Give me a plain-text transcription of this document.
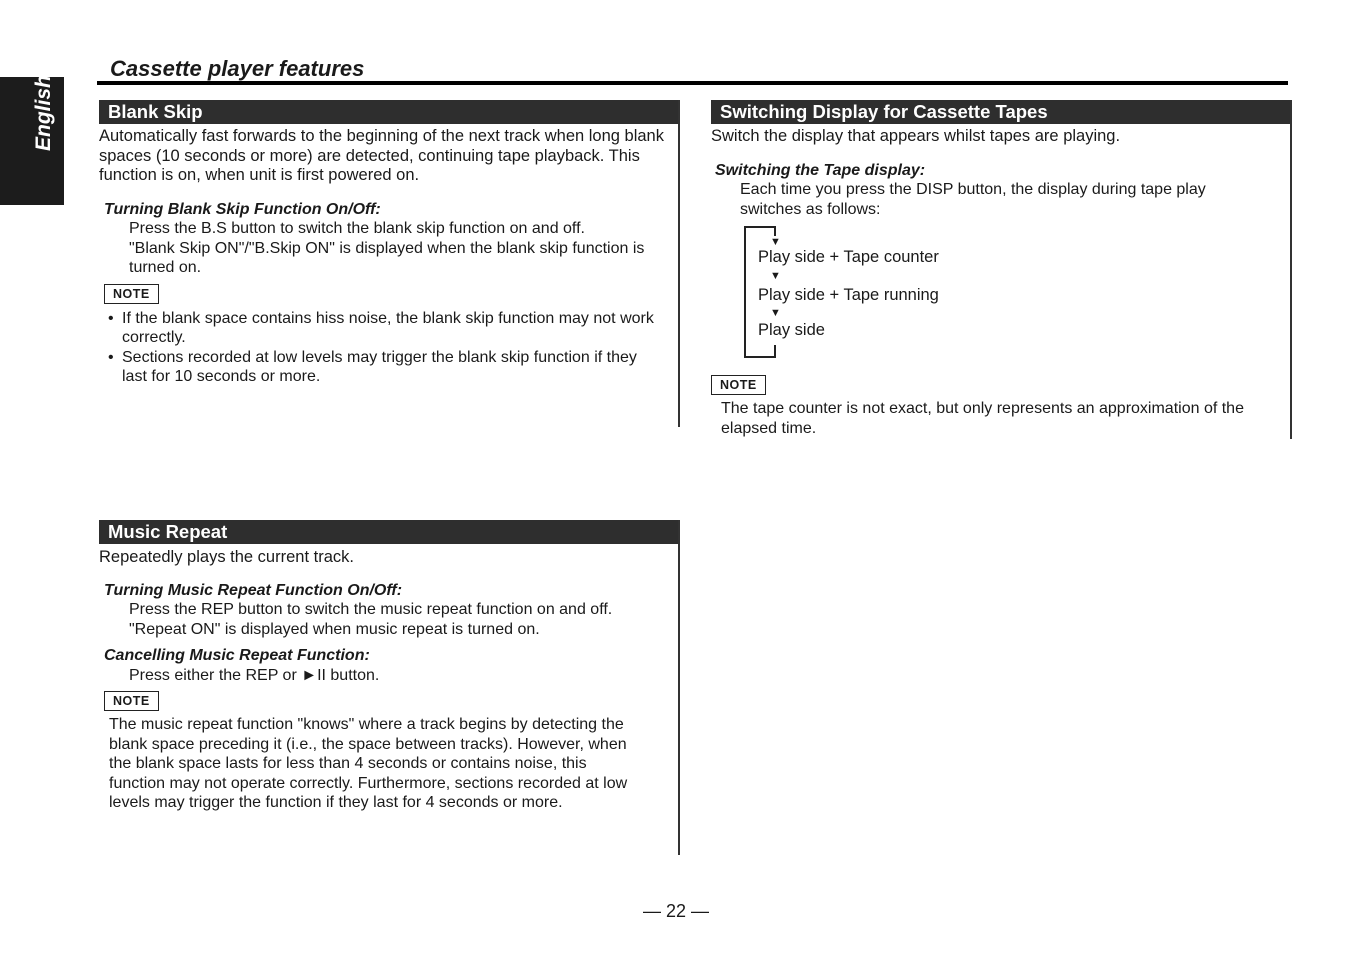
English
Cassette player features
Blank Skip
Automatically fast forwards to the beginning of the next track when long blank spaces (10 seconds or more) are detected, continuing tape playback. This function is on, when unit is first powered on.
Turning Blank Skip Function On/Off:
Press the B.S button to switch the blank skip function on and off.
"Blank Skip ON"/"B.Skip ON" is displayed when the blank skip function is turned on.
NOTE
• If the blank space contains hiss noise, the blank skip function may not work correctly.
• Sections recorded at low levels may trigger the blank skip function if they last for 10 seconds or more.
Switching Display for Cassette Tapes
Switch the display that appears whilst tapes are playing.
Switching the Tape display:
Each time you press the DISP button, the display during tape play switches as follows:
▼
Play side + Tape counter
▼
Play side + Tape running
▼
Play side
NOTE
The tape counter is not exact, but only represents an approximation of the elapsed time.
Music Repeat
Repeatedly plays the current track.
Turning Music Repeat Function On/Off:
Press the REP button to switch the music repeat function on and off.
"Repeat ON" is displayed when music repeat is turned on.
Cancelling Music Repeat Function:
Press either the REP or ►II button.
NOTE
The music repeat function "knows" where a track begins by detecting the blank space preceding it (i.e., the space between tracks). However, when the blank space lasts for less than 4 seconds or contains noise, this function may not operate correctly. Furthermore, sections recorded at low levels may trigger the function if they last for 4 seconds or more.
— 22 —
